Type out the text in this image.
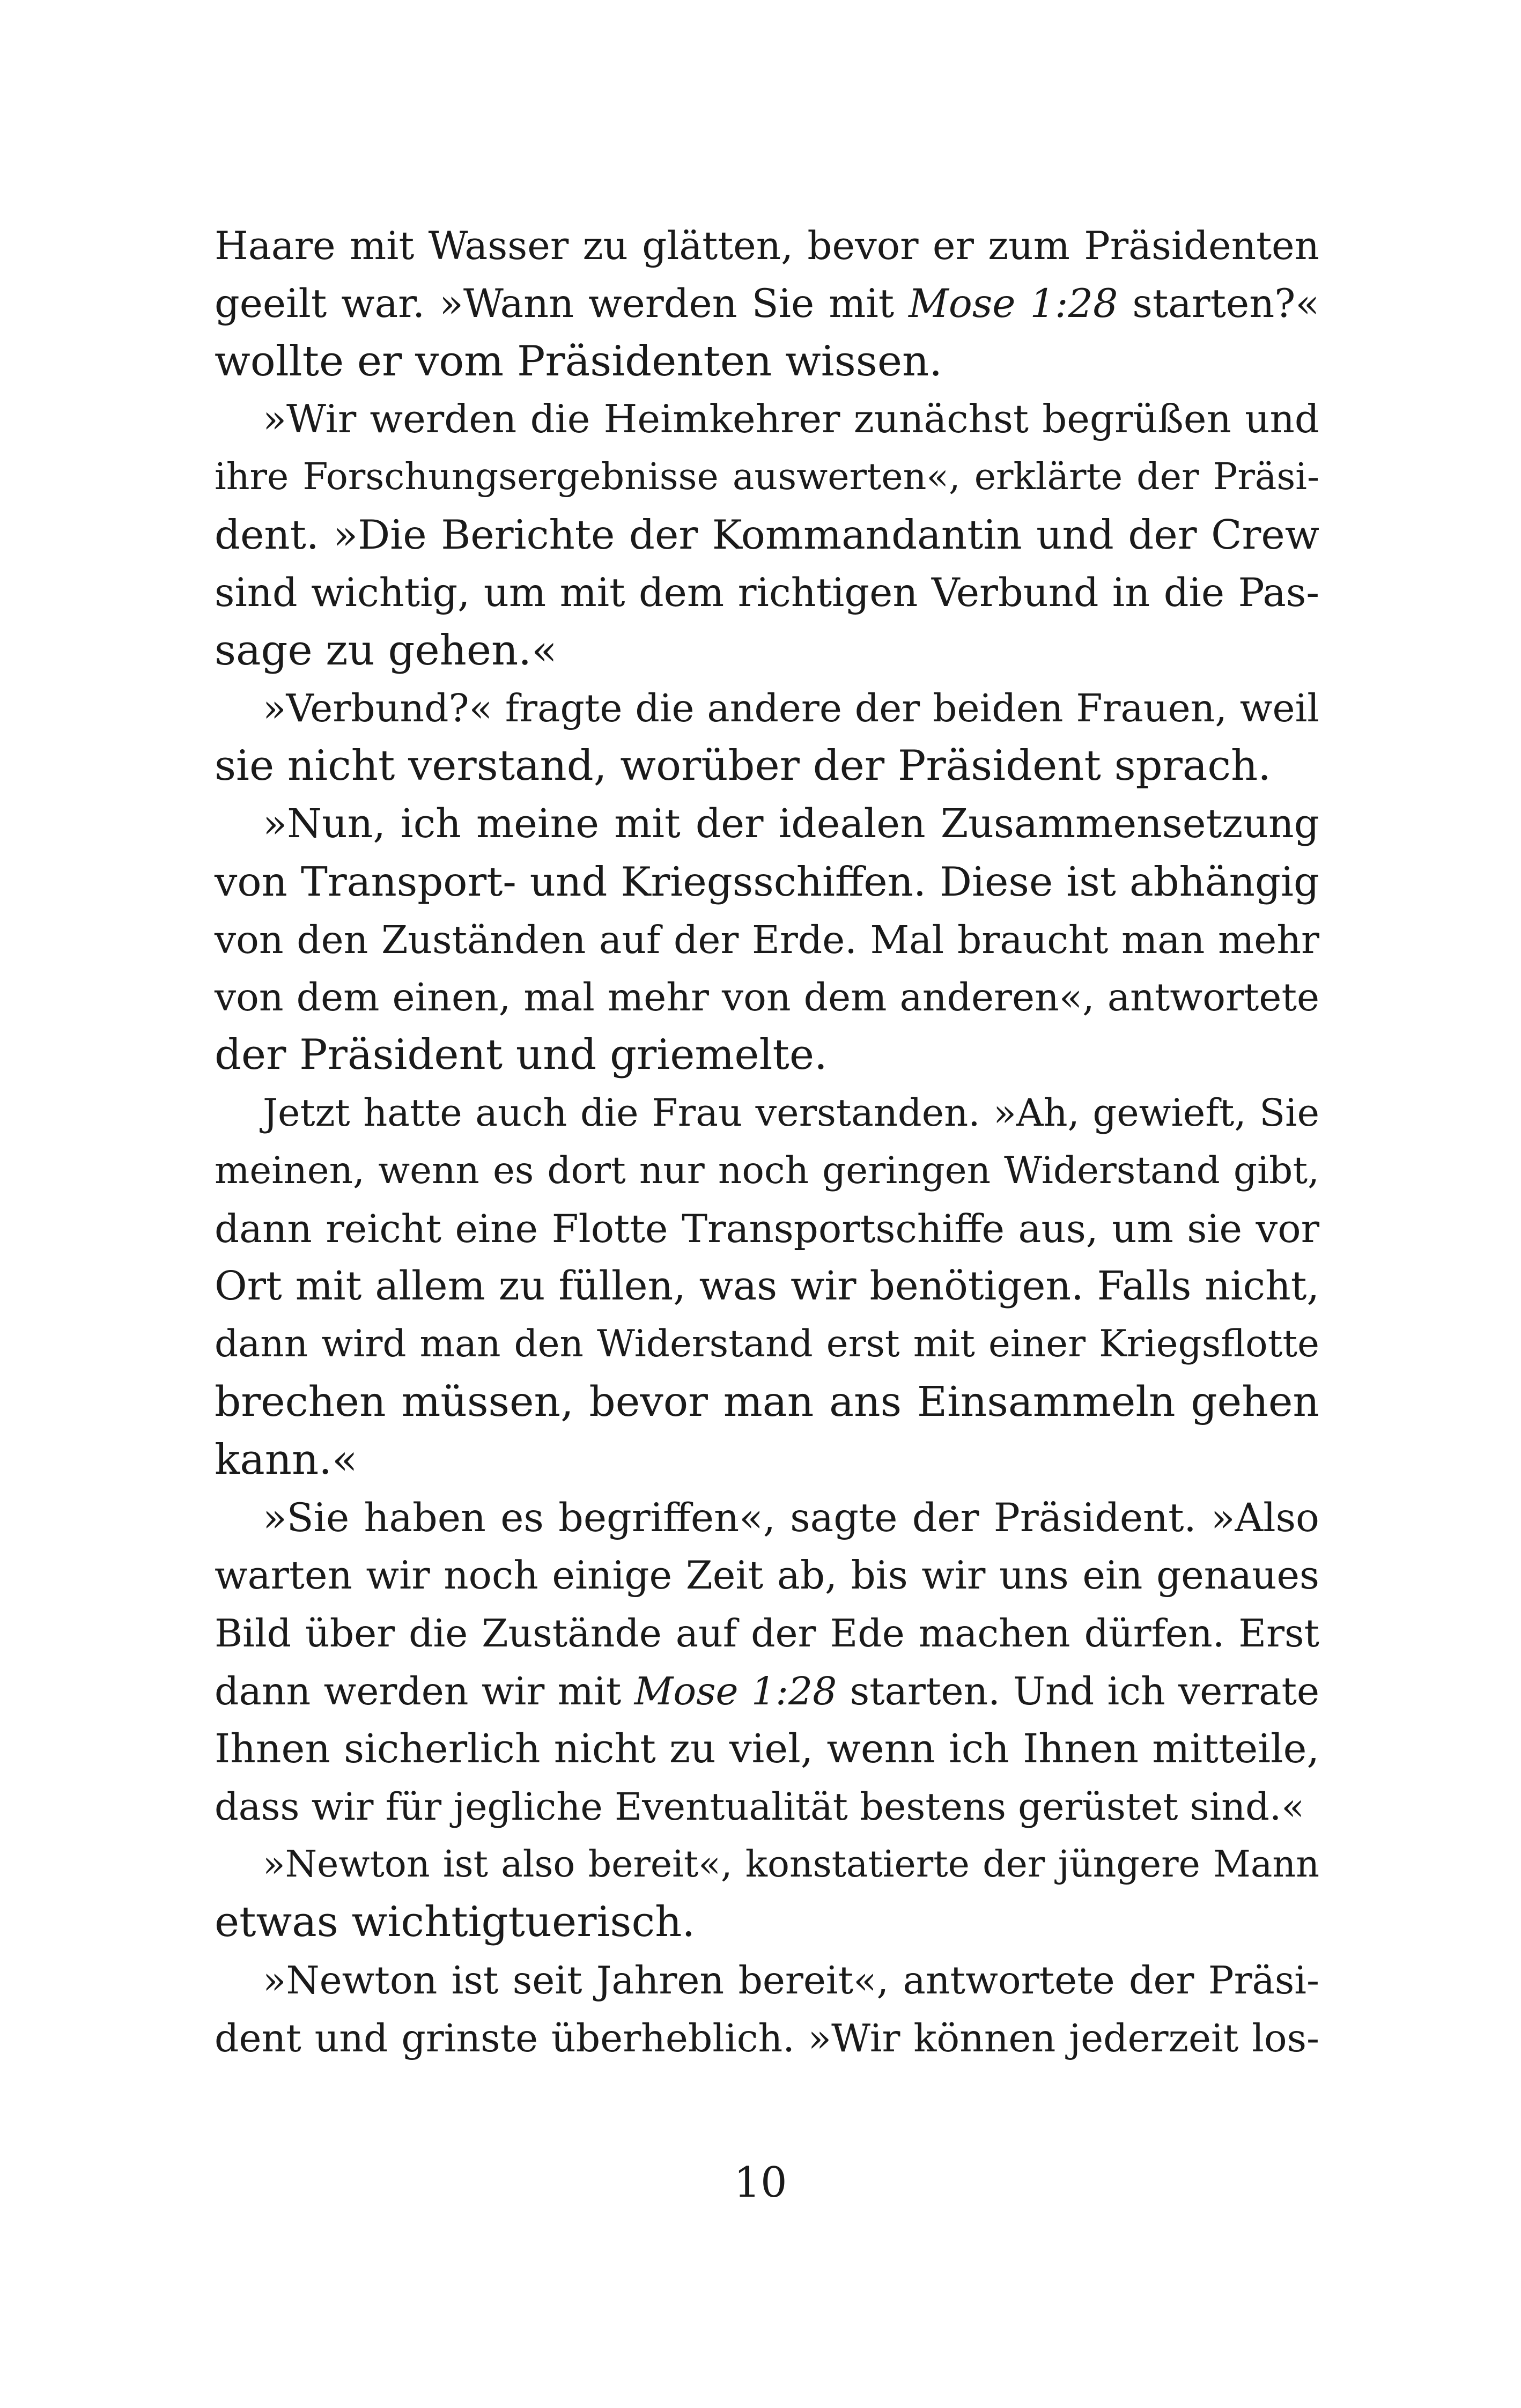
Haare mit Wasser zu glätten, bevor er zum Präsidenten
geeilt war. »Wann werden Sie mit Mose 1:28 starten?«
wollte er vom Präsidenten wissen.
»Wir werden die Heimkehrer zunächst begrüßen und
ihre Forschungsergebnisse auswerten«, erklärte der Präsi-
dent. »Die Berichte der Kommandantin und der Crew
sind wichtig, um mit dem richtigen Verbund in die Pas-
sage zu gehen.«
»Verbund?« fragte die andere der beiden Frauen, weil
sie nicht verstand, worüber der Präsident sprach.
»Nun, ich meine mit der idealen Zusammensetzung
von Transport- und Kriegsschiffen. Diese ist abhängig
von den Zuständen auf der Erde. Mal braucht man mehr
von dem einen, mal mehr von dem anderen«, antwortete
der Präsident und griemelte.
Jetzt hatte auch die Frau verstanden. »Ah, gewieft, Sie
meinen, wenn es dort nur noch geringen Widerstand gibt,
dann reicht eine Flotte Transportschiffe aus, um sie vor
Ort mit allem zu füllen, was wir benötigen. Falls nicht,
dann wird man den Widerstand erst mit einer Kriegsflotte
brechen müssen, bevor man ans Einsammeln gehen
kann.«
»Sie haben es begriffen«, sagte der Präsident. »Also
warten wir noch einige Zeit ab, bis wir uns ein genaues
Bild über die Zustände auf der Ede machen dürfen. Erst
dann werden wir mit Mose 1:28 starten. Und ich verrate
Ihnen sicherlich nicht zu viel, wenn ich Ihnen mitteile,
dass wir für jegliche Eventualität bestens gerüstet sind.«
»Newton ist also bereit«, konstatierte der jüngere Mann
etwas wichtigtuerisch.
»Newton ist seit Jahren bereit«, antwortete der Präsi-
dent und grinste überheblich. »Wir können jederzeit los-
10
